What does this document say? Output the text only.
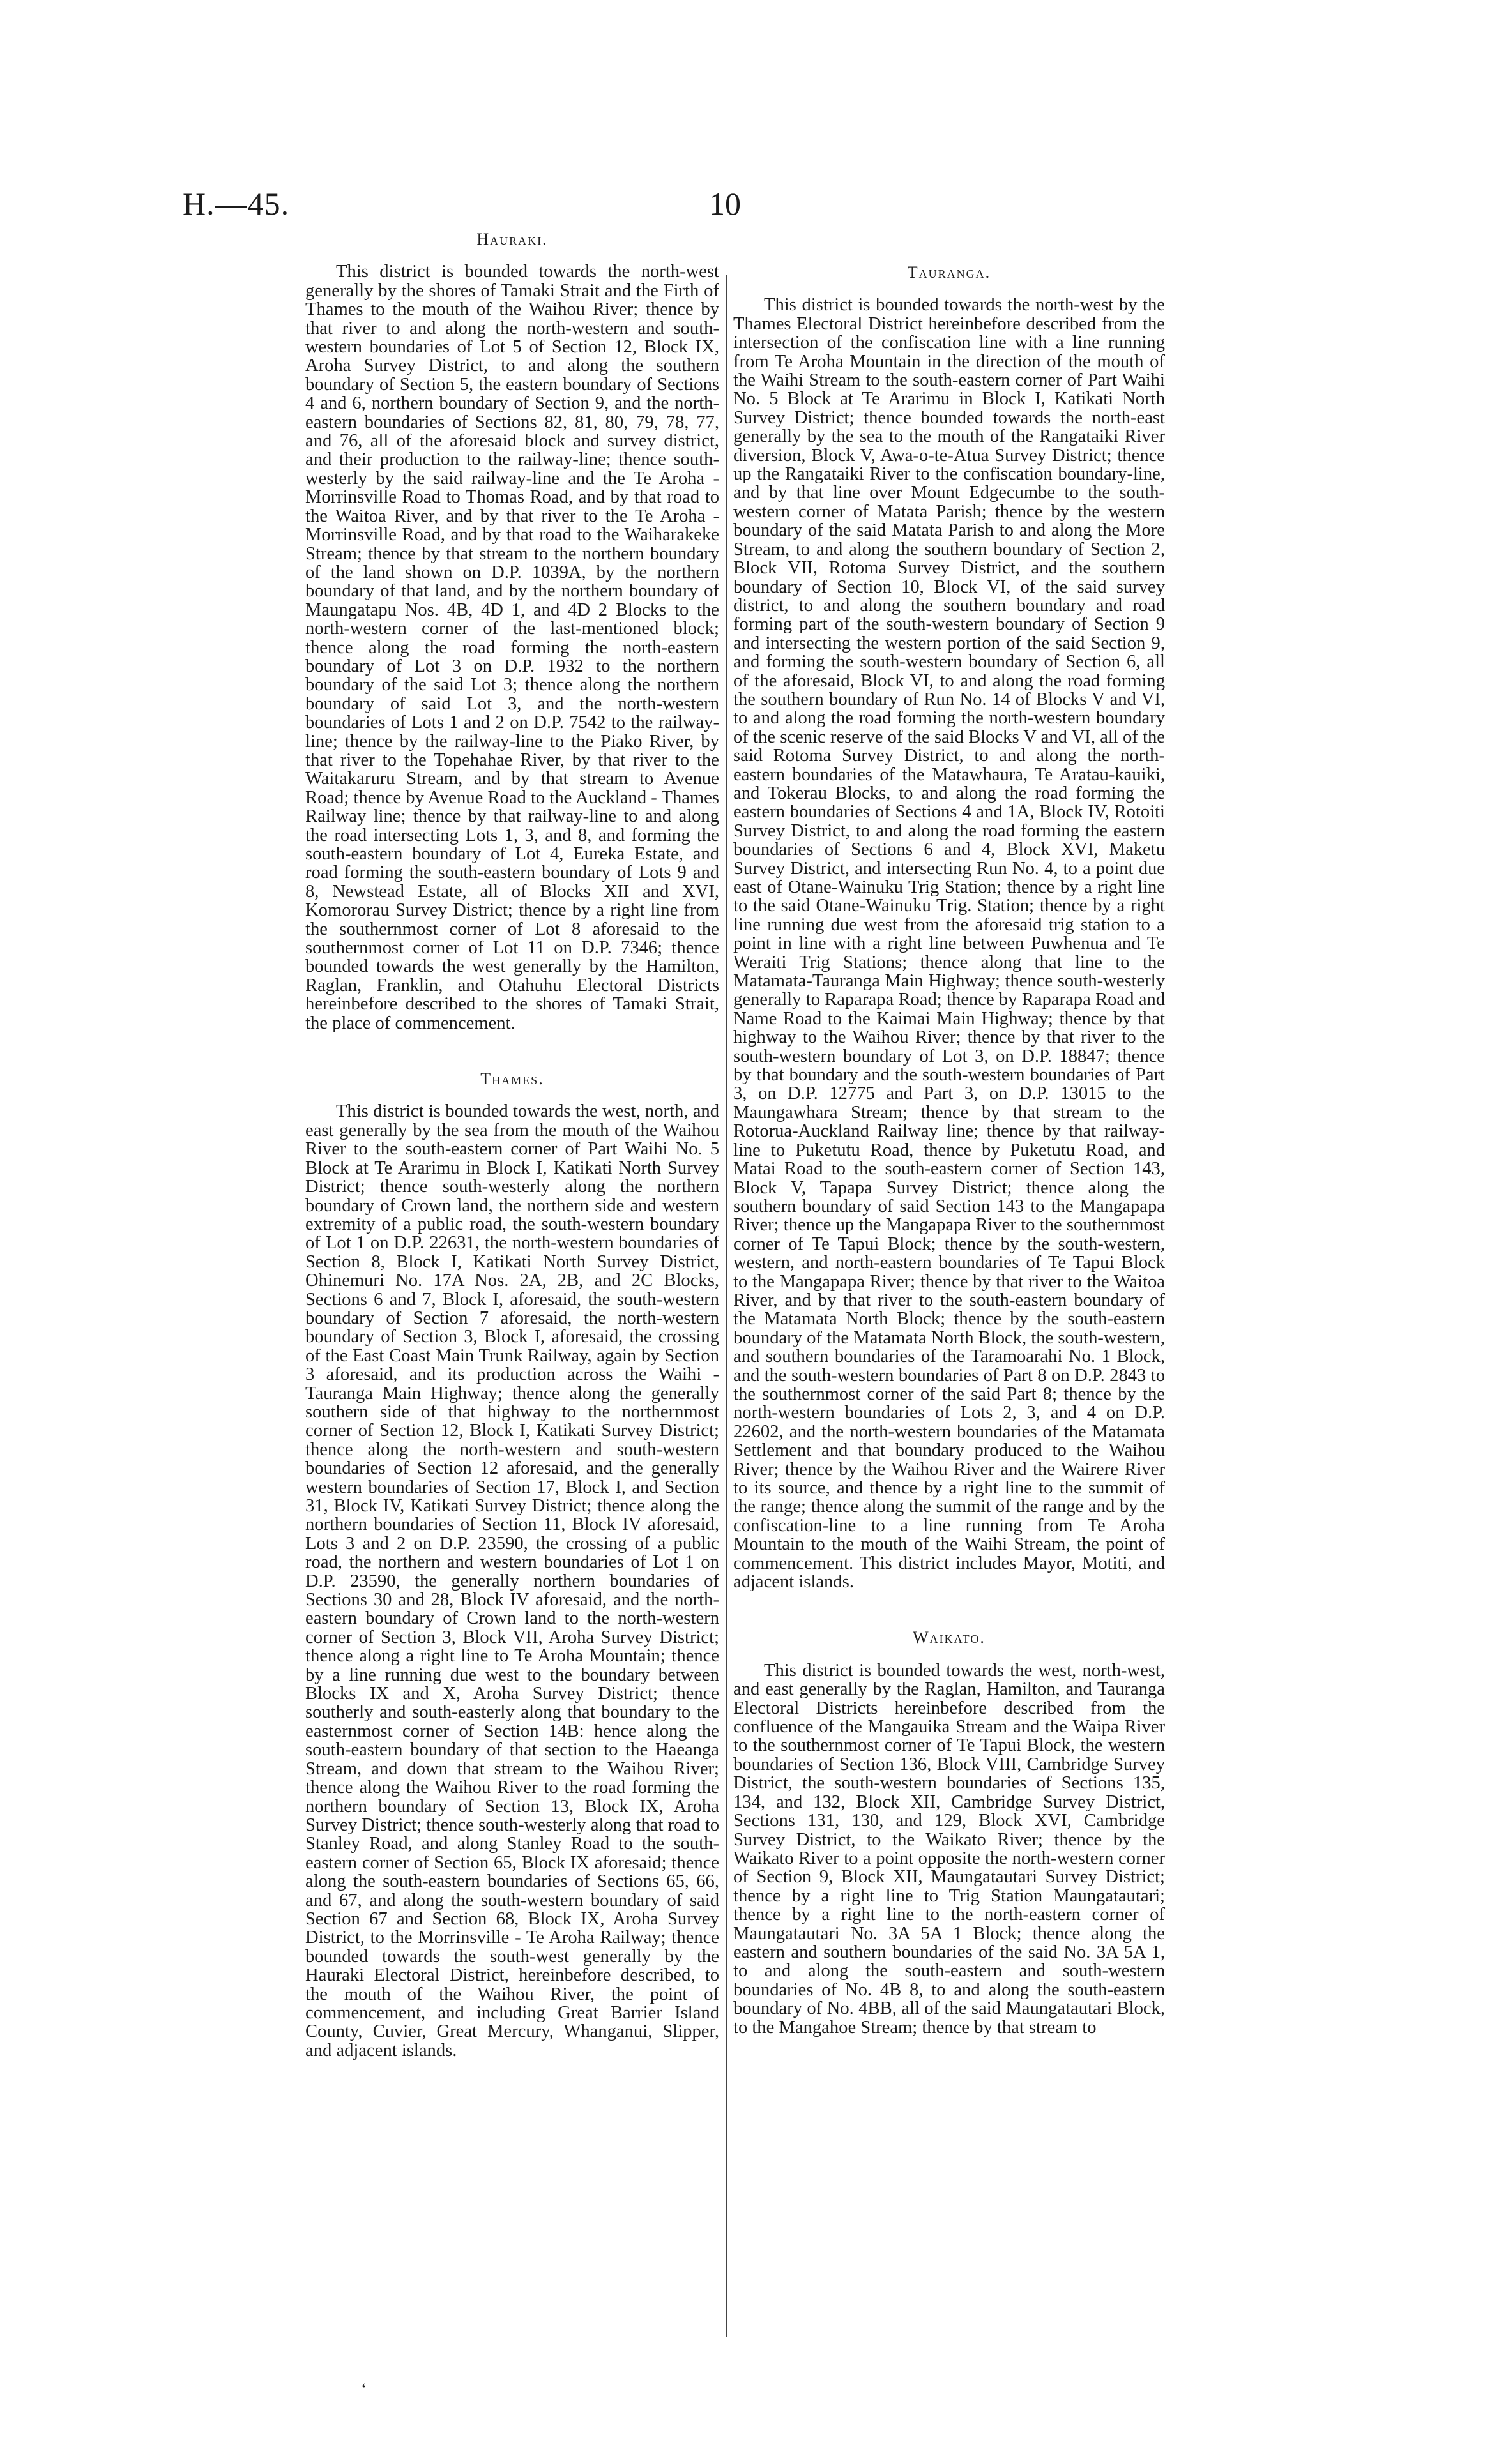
H.—45.	10
Hauraki.

This district is bounded towards the north-west generally by the shores of Tamaki Strait and the Firth of Thames to the mouth of the Waihou River; thence by that river to and along the north-western and south-western boundaries of Lot 5 of Section 12, Block IX, Aroha Survey District, to and along the southern boundary of Section 5, the eastern boundary of Sections 4 and 6, northern boundary of Section 9, and the north-eastern boundaries of Sections 82, 81, 80, 79, 78, 77, and 76, all of the aforesaid block and survey district, and their production to the railway-line; thence south-westerly by the said railway-line and the Te Aroha - Morrinsville Road to Thomas Road, and by that road to the Waitoa River, and by that river to the Te Aroha - Morrinsville Road, and by that road to the Waiharakeke Stream; thence by that stream to the northern boundary of the land shown on D.P. 1039A, by the northern boundary of that land, and by the northern boundary of Maungatapu Nos. 4B, 4D 1, and 4D 2 Blocks to the north-western corner of the last-mentioned block; thence along the road forming the north-eastern boundary of Lot 3 on D.P. 1932 to the northern boundary of the said Lot 3; thence along the northern boundary of said Lot 3, and the north-western boundaries of Lots 1 and 2 on D.P. 7542 to the railway-line; thence by the railway-line to the Piako River, by that river to the Topehahae River, by that river to the Waitakaruru Stream, and by that stream to Avenue Road; thence by Avenue Road to the Auckland - Thames Railway line; thence by that railway-line to and along the road intersecting Lots 1, 3, and 8, and forming the south-eastern boundary of Lot 4, Eureka Estate, and road forming the south-eastern boundary of Lots 9 and 8, Newstead Estate, all of Blocks XII and XVI, Komororau Survey District; thence by a right line from the southernmost corner of Lot 8 aforesaid to the southernmost corner of Lot 11 on D.P. 7346; thence bounded towards the west generally by the Hamilton, Raglan, Franklin, and Otahuhu Electoral Districts hereinbefore described to the shores of Tamaki Strait, the place of commencement.

Thames.

This district is bounded towards the west, north, and east generally by the sea from the mouth of the Waihou River to the south-eastern corner of Part Waihi No. 5 Block at Te Ararimu in Block I, Katikati North Survey District; thence south-westerly along the northern boundary of Crown land, the northern side and western extremity of a public road, the south-western boundary of Lot 1 on D.P. 22631, the north-western boundaries of Section 8, Block I, Katikati North Survey District, Ohinemuri No. 17A Nos. 2A, 2B, and 2C Blocks, Sections 6 and 7, Block I, aforesaid, the south-western boundary of Section 7 aforesaid, the north-western boundary of Section 3, Block I, aforesaid, the crossing of the East Coast Main Trunk Railway, again by Section 3 aforesaid, and its production across the Waihi - Tauranga Main Highway; thence along the generally southern side of that highway to the northernmost corner of Section 12, Block I, Katikati Survey District; thence along the north-western and south-western boundaries of Section 12 aforesaid, and the generally western boundaries of Section 17, Block I, and Section 31, Block IV, Katikati Survey District; thence along the northern boundaries of Section 11, Block IV aforesaid, Lots 3 and 2 on D.P. 23590, the crossing of a public road, the northern and western boundaries of Lot 1 on D.P. 23590, the generally northern boundaries of Sections 30 and 28, Block IV aforesaid, and the north-eastern boundary of Crown land to the north-western corner of Section 3, Block VII, Aroha Survey District; thence along a right line to Te Aroha Mountain; thence by a line running due west to the boundary between Blocks IX and X, Aroha Survey District; thence southerly and south-easterly along that boundary to the easternmost corner of Section 14B: hence along the south-eastern boundary of that section to the Haeanga Stream, and down that stream to the Waihou River; thence along the Waihou River to the road forming the northern boundary of Section 13, Block IX, Aroha Survey District; thence south-westerly along that road to Stanley Road, and along Stanley Road to the south-eastern corner of Section 65, Block IX aforesaid; thence along the south-eastern boundaries of Sections 65, 66, and 67, and along the south-western boundary of said Section 67 and Section 68, Block IX, Aroha Survey District, to the Morrinsville - Te Aroha Railway; thence bounded towards the south-west generally by the Hauraki Electoral District, hereinbefore described, to the mouth of the Waihou River, the point of commencement, and including Great Barrier Island County, Cuvier, Great Mercury, Whanganui, Slipper, and adjacent islands.

Tauranga.

This district is bounded towards the north-west by the Thames Electoral District hereinbefore described from the intersection of the confiscation line with a line running from Te Aroha Mountain in the direction of the mouth of the Waihi Stream to the south-eastern corner of Part Waihi No. 5 Block at Te Ararimu in Block I, Katikati North Survey District; thence bounded towards the north-east generally by the sea to the mouth of the Rangataiki River diversion, Block V, Awa-o-te-Atua Survey District; thence up the Rangataiki River to the confiscation boundary-line, and by that line over Mount Edgecumbe to the south-western corner of Matata Parish; thence by the western boundary of the said Matata Parish to and along the More Stream, to and along the southern boundary of Section 2, Block VII, Rotoma Survey District, and the southern boundary of Section 10, Block VI, of the said survey district, to and along the southern boundary and road forming part of the south-western boundary of Section 9 and intersecting the western portion of the said Section 9, and forming the south-western boundary of Section 6, all of the aforesaid, Block VI, to and along the road forming the southern boundary of Run No. 14 of Blocks V and VI, to and along the road forming the north-western boundary of the scenic reserve of the said Blocks V and VI, all of the said Rotoma Survey District, to and along the north-eastern boundaries of the Matawhaura, Te Aratau-kauiki, and Tokerau Blocks, to and along the road forming the eastern boundaries of Sections 4 and 1A, Block IV, Rotoiti Survey District, to and along the road forming the eastern boundaries of Sections 6 and 4, Block XVI, Maketu Survey District, and intersecting Run No. 4, to a point due east of Otane-Wainuku Trig Station; thence by a right line to the said Otane-Wainuku Trig. Station; thence by a right line running due west from the aforesaid trig station to a point in line with a right line between Puwhenua and Te Weraiti Trig Stations; thence along that line to the Matamata-Tauranga Main Highway; thence south-westerly generally to Raparapa Road; thence by Raparapa Road and Name Road to the Kaimai Main Highway; thence by that highway to the Waihou River; thence by that river to the south-western boundary of Lot 3, on D.P. 18847; thence by that boundary and the south-western boundaries of Part 3, on D.P. 12775 and Part 3, on D.P. 13015 to the Maungawhara Stream; thence by that stream to the Rotorua-Auckland Railway line; thence by that railway-line to Puketutu Road, thence by Puketutu Road, and Matai Road to the south-eastern corner of Section 143, Block V, Tapapa Survey District; thence along the southern boundary of said Section 143 to the Mangapapa River; thence up the Mangapapa River to the southernmost corner of Te Tapui Block; thence by the south-western, western, and north-eastern boundaries of Te Tapui Block to the Mangapapa River; thence by that river to the Waitoa River, and by that river to the south-eastern boundary of the Matamata North Block; thence by the south-eastern boundary of the Matamata North Block, the south-western, and southern boundaries of the Taramoarahi No. 1 Block, and the south-western boundaries of Part 8 on D.P. 2843 to the southernmost corner of the said Part 8; thence by the north-western boundaries of Lots 2, 3, and 4 on D.P. 22602, and the north-western boundaries of the Matamata Settlement and that boundary produced to the Waihou River; thence by the Waihou River and the Wairere River to its source, and thence by a right line to the summit of the range; thence along the summit of the range and by the confiscation-line to a line running from Te Aroha Mountain to the mouth of the Waihi Stream, the point of commencement. This district includes Mayor, Motiti, and adjacent islands.

Waikato.

This district is bounded towards the west, north-west, and east generally by the Raglan, Hamilton, and Tauranga Electoral Districts hereinbefore described from the confluence of the Mangauika Stream and the Waipa River to the southernmost corner of Te Tapui Block, the western boundaries of Section 136, Block VIII, Cambridge Survey District, the south-western boundaries of Sections 135, 134, and 132, Block XII, Cambridge Survey District, Sections 131, 130, and 129, Block XVI, Cambridge Survey District, to the Waikato River; thence by the Waikato River to a point opposite the north-western corner of Section 9, Block XII, Maungatautari Survey District; thence by a right line to Trig Station Maungatautari; thence by a right line to the north-eastern corner of Maungatautari No. 3A 5A 1 Block; thence along the eastern and southern boundaries of the said No. 3A 5A 1, to and along the south-eastern and south-western boundaries of No. 4B 8, to and along the south-eastern boundary of No. 4BB, all of the said Maungatautari Block, to the Mangahoe Stream; thence by that stream to

‘
